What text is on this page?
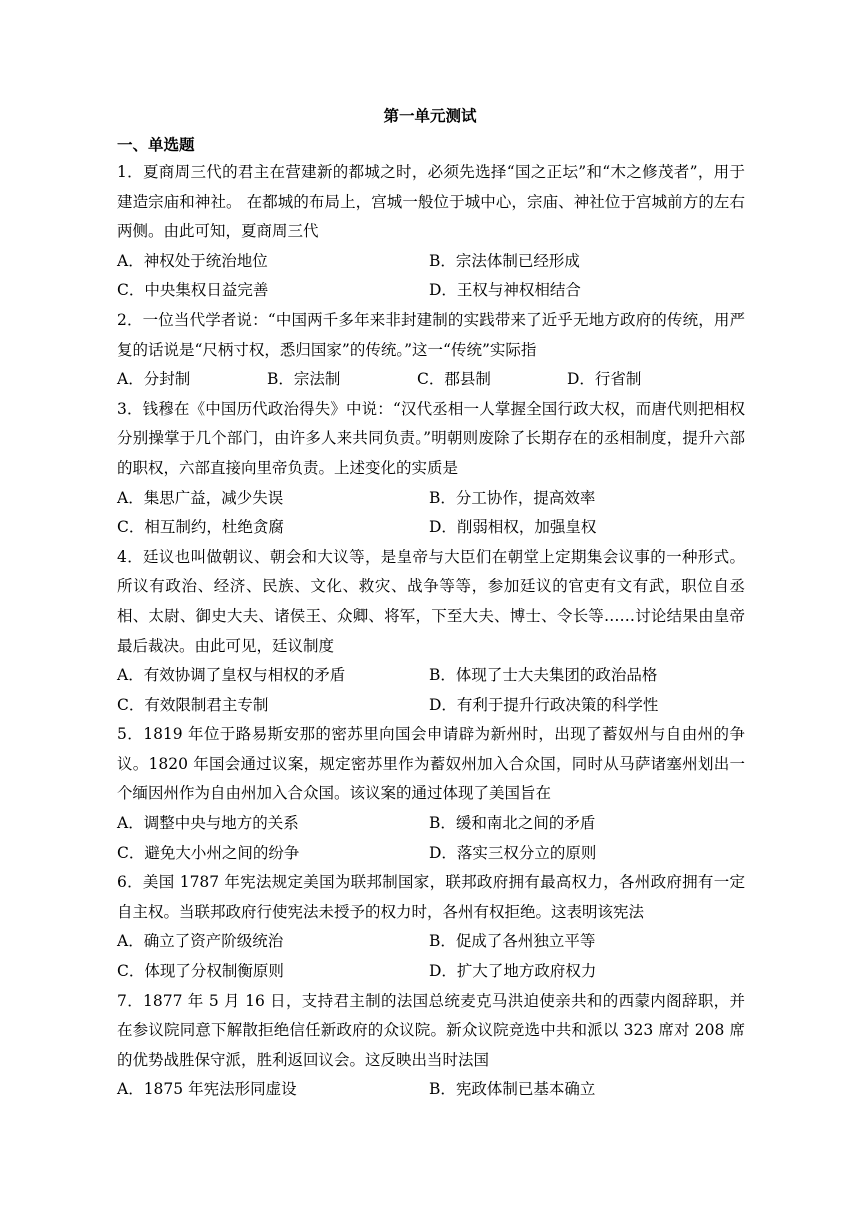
第一单元测试
一、单选题

1．夏商周三代的君主在营建新的都城之时，必须先选择“国之正坛”和“木之修茂者”，用于建造宗庙和神社。 在都城的布局上，宫城一般位于城中心，宗庙、神社位于宫城前方的左右两侧。由此可知，夏商周三代

A．神权处于统治地位	B．宗法体制已经形成
C．中央集权日益完善	D．王权与神权相结合

2．一位当代学者说：“中国两千多年来非封建制的实践带来了近乎无地方政府的传统，用严复的话说是“尺柄寸权，悉归国家”的传统。”这一“传统”实际指

A．分封制	B．宗法制	C．郡县制	D．行省制

3．钱穆在《中国历代政治得失》中说：“汉代丞相一人掌握全国行政大权，而唐代则把相权分别操掌于几个部门，由许多人来共同负责。”明朝则废除了长期存在的丞相制度，提升六部的职权，六部直接向里帝负责。上述变化的实质是

A．集思广益，减少失误	B．分工协作，提高效率
C．相互制约，杜绝贪腐	D．削弱相权，加强皇权

4．廷议也叫做朝议、朝会和大议等，是皇帝与大臣们在朝堂上定期集会议事的一种形式。所议有政治、经济、民族、文化、救灾、战争等等，参加廷议的官吏有文有武，职位自丞相、太尉、御史大夫、诸侯王、众卿、将军，下至大夫、博士、令长等……讨论结果由皇帝最后裁决。由此可见，廷议制度

A．有效协调了皇权与相权的矛盾	B．体现了士大夫集团的政治品格
C．有效限制君主专制	D．有利于提升行政决策的科学性

5．1819 年位于路易斯安那的密苏里向国会申请辟为新州时，出现了蓄奴州与自由州的争议。1820 年国会通过议案，规定密苏里作为蓄奴州加入合众国，同时从马萨诸塞州划出一个缅因州作为自由州加入合众国。该议案的通过体现了美国旨在

A．调整中央与地方的关系	B．缓和南北之间的矛盾
C．避免大小州之间的纷争	D．落实三权分立的原则

6．美国 1787 年宪法规定美国为联邦制国家，联邦政府拥有最高权力，各州政府拥有一定自主权。当联邦政府行使宪法未授予的权力时，各州有权拒绝。这表明该宪法

A．确立了资产阶级统治	B．促成了各州独立平等
C．体现了分权制衡原则	D．扩大了地方政府权力

7．1877 年 5 月 16 日，支持君主制的法国总统麦克马洪迫使亲共和的西蒙内阁辞职，并在参议院同意下解散拒绝信任新政府的众议院。新众议院竞选中共和派以 323 席对 208 席的优势战胜保守派，胜利返回议会。这反映出当时法国

A．1875 年宪法形同虚设	B．宪政体制已基本确立
